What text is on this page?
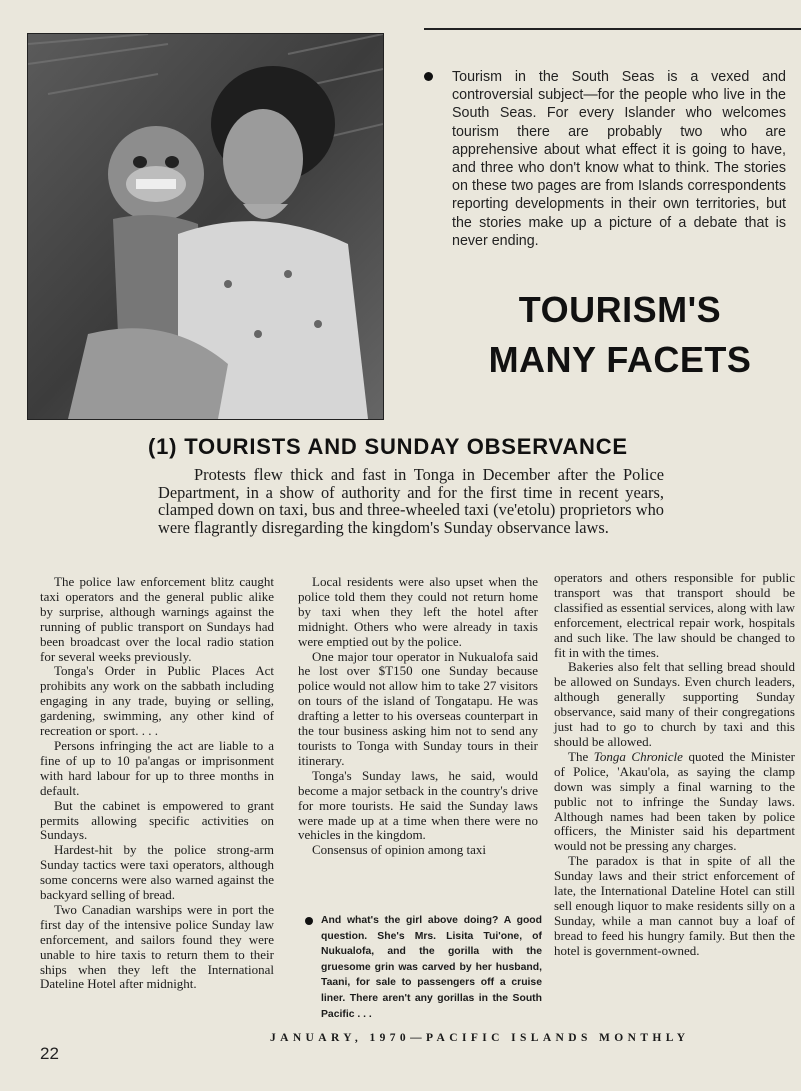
Tourism in the South Seas is a vexed and controversial subject—for the people who live in the South Seas. For every Islander who welcomes tourism there are probably two who are apprehensive about what effect it is going to have, and three who don't know what to think. The stories on these two pages are from Islands correspondents reporting developments in their own territories, but the stories make up a picture of a debate that is never ending.

TOURISM'S
MANY FACETS
(1) TOURISTS AND SUNDAY OBSERVANCE

Protests flew thick and fast in Tonga in December after the Police Department, in a show of authority and for the first time in recent years, clamped down on taxi, bus and three-wheeled taxi (ve'etolu) proprietors who were flagrantly disregarding the kingdom's Sunday observance laws.

The police law enforcement blitz caught taxi operators and the general public alike by surprise, although warnings against the running of public transport on Sundays had been broadcast over the local radio station for several weeks previously.

Tonga's Order in Public Places Act prohibits any work on the sabbath including engaging in any trade, buying or selling, gardening, swimming, any other kind of recreation or sport. . . .

Persons infringing the act are liable to a fine of up to 10 pa'angas or imprisonment with hard labour for up to three months in default.

But the cabinet is empowered to grant permits allowing specific activities on Sundays.

Hardest-hit by the police strong-arm Sunday tactics were taxi operators, although some concerns were also warned against the backyard selling of bread.

Two Canadian warships were in port the first day of the intensive police Sunday law enforcement, and sailors found they were unable to hire taxis to return them to their ships when they left the International Dateline Hotel after midnight.

Local residents were also upset when the police told them they could not return home by taxi when they left the hotel after midnight. Others who were already in taxis were emptied out by the police.

One major tour operator in Nukualofa said he lost over $T150 one Sunday because police would not allow him to take 27 visitors on tours of the island of Tongatapu. He was drafting a letter to his overseas counterpart in the tour business asking him not to send any tourists to Tonga with Sunday tours in their itinerary.

Tonga's Sunday laws, he said, would become a major setback in the country's drive for more tourists. He said the Sunday laws were made up at a time when there were no vehicles in the kingdom.

Consensus of opinion among taxi

And what's the girl above doing? A good question. She's Mrs. Lisita Tui'one, of Nukualofa, and the gorilla with the gruesome grin was carved by her husband, Taani, for sale to passengers off a cruise liner. There aren't any gorillas in the South Pacific . . .

operators and others responsible for public transport was that transport should be classified as essential services, along with law enforcement, electrical repair work, hospitals and such like. The law should be changed to fit in with the times.

Bakeries also felt that selling bread should be allowed on Sundays. Even church leaders, although generally supporting Sunday observance, said many of their congregations just had to go to church by taxi and this should be allowed.

The Tonga Chronicle quoted the Minister of Police, 'Akau'ola, as saying the clamp down was simply a final warning to the public not to infringe the Sunday laws. Although names had been taken by police officers, the Minister said his department would not be pressing any charges.

The paradox is that in spite of all the Sunday laws and their strict enforcement of late, the International Dateline Hotel can still sell enough liquor to make residents silly on a Sunday, while a man cannot buy a loaf of bread to feed his hungry family. But then the hotel is government-owned.

22
JANUARY, 1970—PACIFIC ISLANDS MONTHLY
